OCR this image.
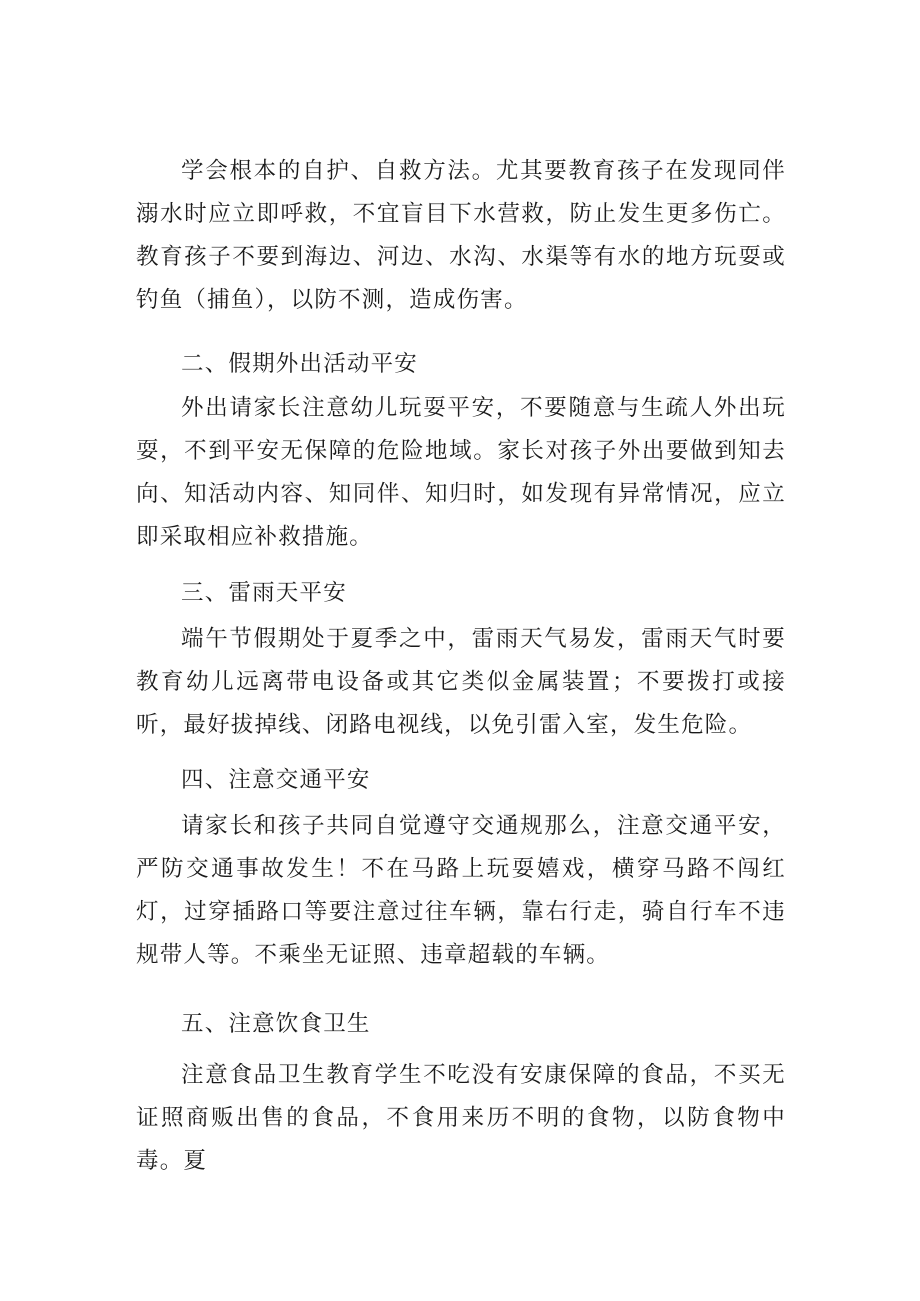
学会根本的自护、自救方法。尤其要教育孩子在发现同伴溺水时应立即呼救，不宜盲目下水营救，防止发生更多伤亡。教育孩子不要到海边、河边、水沟、水渠等有水的地方玩耍或钓鱼（捕鱼），以防不测，造成伤害。

二、假期外出活动平安

外出请家长注意幼儿玩耍平安，不要随意与生疏人外出玩耍，不到平安无保障的危险地域。家长对孩子外出要做到知去向、知活动内容、知同伴、知归时，如发现有异常情况，应立即采取相应补救措施。

三、雷雨天平安

端午节假期处于夏季之中，雷雨天气易发，雷雨天气时要教育幼儿远离带电设备或其它类似金属装置；不要拨打或接听，最好拔掉线、闭路电视线，以免引雷入室，发生危险。

四、注意交通平安

请家长和孩子共同自觉遵守交通规那么，注意交通平安，严防交通事故发生！不在马路上玩耍嬉戏，横穿马路不闯红灯，过穿插路口等要注意过往车辆，靠右行走，骑自行车不违规带人等。不乘坐无证照、违章超载的车辆。

五、注意饮食卫生

注意食品卫生教育学生不吃没有安康保障的食品，不买无证照商贩出售的食品，不食用来历不明的食物，以防食物中毒。夏
